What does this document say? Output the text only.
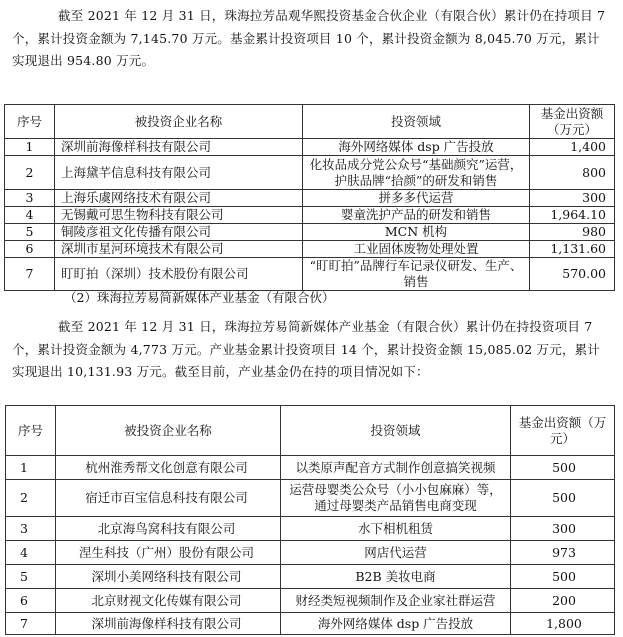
截至 2021 年 12 月 31 日，珠海拉芳品观华熙投资基金合伙企业（有限合伙）累计仍在持项目 7 个，累计投资金额为 7,145.70 万元。基金累计投资项目 10 个，累计投资金额为 8,045.70 万元，累计实现退出 954.80 万元。

序号	被投资企业名称	投资领域	基金出资额（万元）
1	深圳前海像样科技有限公司	海外网络媒体 dsp 广告投放	1,400
2	上海黛芊信息科技有限公司	化妆品成分党公众号“基础颜究”运营，护肤品牌“拾颜”的研发和销售	800
3	上海乐虞网络技术有限公司	拼多多代运营	300
4	无锡戴可思生物科技有限公司	婴童洗护产品的研发和销售	1,964.10
5	铜陵彦祖文化传播有限公司	MCN 机构	980
6	深圳市星河环境技术有限公司	工业固体废物处理处置	1,131.60
7	盯盯拍（深圳）技术股份有限公司	“盯盯拍”品牌行车记录仪研发、生产、销售	570.00
（2）珠海拉芳易简新媒体产业基金（有限合伙）

截至 2021 年 12 月 31 日，珠海拉芳易简新媒体产业基金（有限合伙）累计仍在持投资项目 7 个，累计投资金额为 4,773 万元。产业基金累计投资项目 14 个，累计投资金额 15,085.02 万元，累计实现退出 10,131.93 万元。截至目前，产业基金仍在持的项目情况如下：

序号	被投资企业名称	投资领域	基金出资额（万元）
1	杭州淮秀帮文化创意有限公司	以类原声配音方式制作创意搞笑视频	500
2	宿迁市百宝信息科技有限公司	运营母婴类公众号（小小包麻麻）等，通过母婴类产品销售电商变现	500
3	北京海鸟窝科技有限公司	水下相机租赁	300
4	涅生科技（广州）股份有限公司	网店代运营	973
5	深圳小美网络科技有限公司	B2B 美妆电商	500
6	北京财视文化传媒有限公司	财经类短视频制作及企业家社群运营	200
7	深圳前海像样科技有限公司	海外网络媒体 dsp 广告投放	1,800
